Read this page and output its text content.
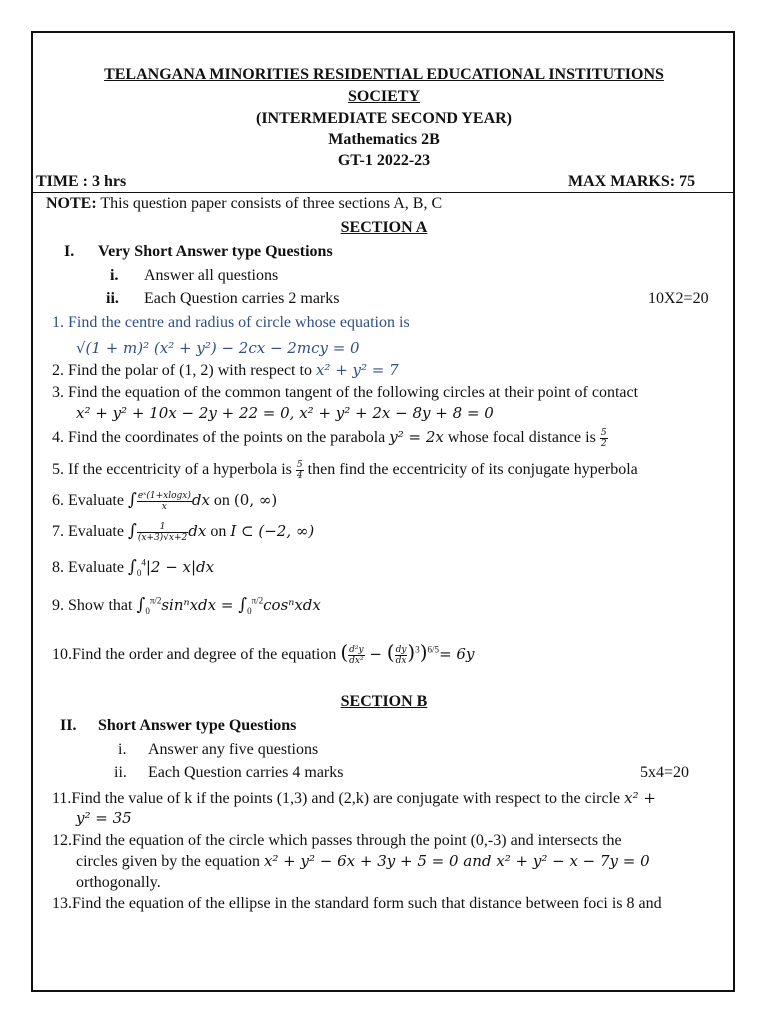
TELANGANA MINORITIES RESIDENTIAL EDUCATIONAL INSTITUTIONS
SOCIETY
(INTERMEDIATE SECOND YEAR)
Mathematics 2B
GT-1 2022-23
TIME : 3 hrs	MAX MARKS: 75
NOTE: This question paper consists of three sections A, B, C
SECTION A
I. Very Short Answer type Questions
i. Answer all questions
ii. Each Question carries 2 marks	10X2=20
1. Find the centre and radius of circle whose equation is
√(1 + m)² (x² + y²) − 2cx − 2mcy = 0
2. Find the polar of (1, 2) with respect to x² + y² = 7
3. Find the equation of the common tangent of the following circles at their point of contact
x² + y² + 10x − 2y + 22 = 0, x² + y² + 2x − 8y + 8 = 0
4. Find the coordinates of the points on the parabola y² = 2x whose focal distance is $\frac{5}{2}$
5. If the eccentricity of a hyperbola is $\frac{5}{4}$ then find the eccentricity of its conjugate hyperbola
6. Evaluate ∫ $\frac{\text{eˣ(1+xlogx)}}{x}$ dx on (0, ∞)
7. Evaluate ∫ $\frac{1}{(x+3)√x+2}$ dx on I ⊂ (−2, ∞)
8. Evaluate $\int_0^4|2 - x|dx$
9. Show that $\int_0^{\pi/2}\sin^nxdx = \int_0^{\pi/2}\cos^nxdx$
10.Find the order and degree of the equation ( $\frac{\text{d²y}}{\text{dx²}}$ − ( $\frac{dy}{dx} )^3)^{6/5}= 6y$
SECTION B
II. Short Answer type Questions
i. Answer any five questions
ii. Each Question carries 4 marks	5x4=20
11.Find the value of k if the points (1,3) and (2,k) are conjugate with respect to the circle x² +
y² = 35
12.Find the equation of the circle which passes through the point (0,-3) and intersects the
circles given by the equation x² + y² − 6x + 3y + 5 = 0 and x² + y² − x − 7y = 0
orthogonally.
13.Find the equation of the ellipse in the standard form such that distance between foci is 8 and
